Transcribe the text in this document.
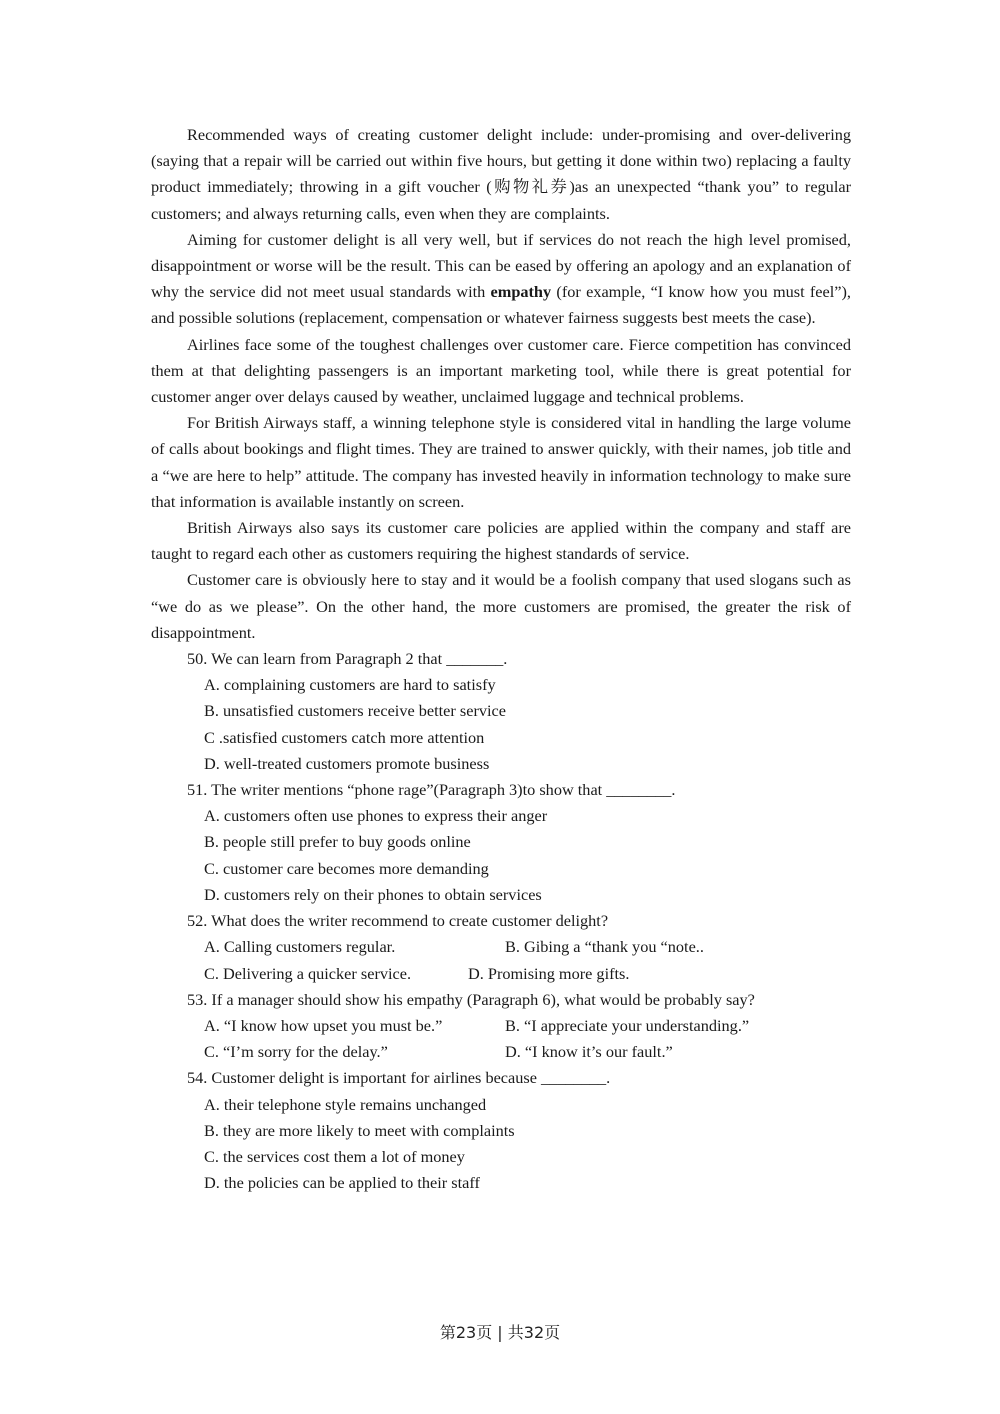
Recommended ways of creating customer delight include: under-promising and over-delivering (saying that a repair will be carried out within five hours, but getting it done within two) replacing a faulty product immediately; throwing in a gift voucher (购物礼券)as an unexpected “thank you” to regular customers; and always returning calls, even when they are complaints.

Aiming for customer delight is all very well, but if services do not reach the high level promised, disappointment or worse will be the result. This can be eased by offering an apology and an explanation of why the service did not meet usual standards with empathy (for example, “I know how you must feel”), and possible solutions (replacement, compensation or whatever fairness suggests best meets the case).

Airlines face some of the toughest challenges over customer care. Fierce competition has convinced them at that delighting passengers is an important marketing tool, while there is great potential for customer anger over delays caused by weather, unclaimed luggage and technical problems.

For British Airways staff, a winning telephone style is considered vital in handling the large volume of calls about bookings and flight times. They are trained to answer quickly, with their names, job title and a “we are here to help” attitude. The company has invested heavily in information technology to make sure that information is available instantly on screen.

British Airways also says its customer care policies are applied within the company and staff are taught to regard each other as customers requiring the highest standards of service.

Customer care is obviously here to stay and it would be a foolish company that used slogans such as “we do as we please”. On the other hand, the more customers are promised, the greater the risk of disappointment.

50. We can learn from Paragraph 2 that _______.

A. complaining customers are hard to satisfy

B. unsatisfied customers receive better service

C .satisfied customers catch more attention

D. well-treated customers promote business

51. The writer mentions “phone rage”(Paragraph 3)to show that ________.

A. customers often use phones to express their anger

B. people still prefer to buy goods online

C. customer care becomes more demanding

D. customers rely on their phones to obtain services

52. What does the writer recommend to create customer delight?

A. Calling customers regular.	B. Gibing a “thank you “note..
C. Delivering a quicker service.	D. Promising more gifts.

53. If a manager should show his empathy (Paragraph 6), what would be probably say?

A. “I know how upset you must be.”	B. “I appreciate your understanding.”
C. “I’m sorry for the delay.”	D. “I know it’s our fault.”

54. Customer delight is important for airlines because ________.

A. their telephone style remains unchanged

B. they are more likely to meet with complaints

C. the services cost them a lot of money

D. the policies can be applied to their staff

第23页 | 共32页
